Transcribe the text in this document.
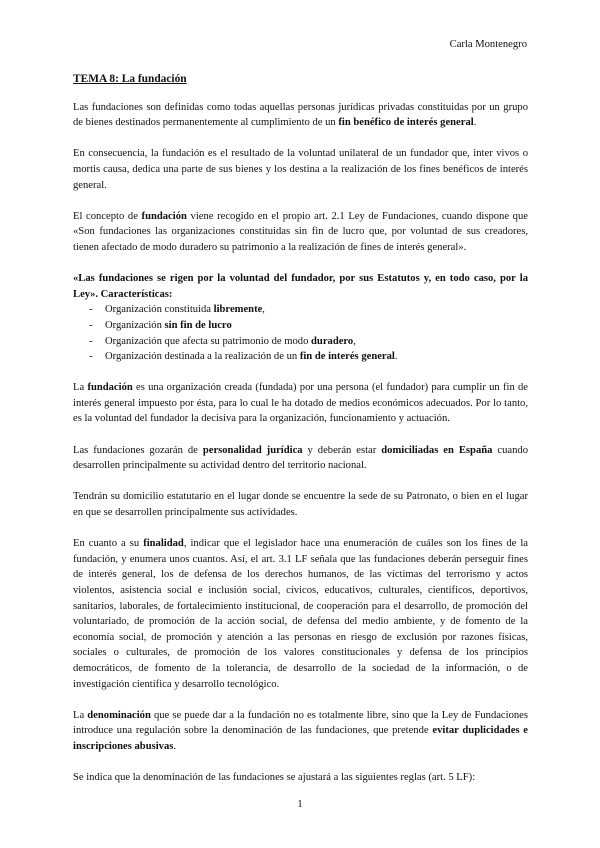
Carla Montenegro
TEMA 8: La fundación

Las fundaciones son definidas como todas aquellas personas jurídicas privadas constituidas por un grupo de bienes destinados permanentemente al cumplimiento de un fin benéfico de interés general.

En consecuencia, la fundación es el resultado de la voluntad unilateral de un fundador que, inter vivos o mortis causa, dedica una parte de sus bienes y los destina a la realización de los fines benéficos de interés general.

El concepto de fundación viene recogido en el propio art. 2.1 Ley de Fundaciones, cuando dispone que «Son fundaciones las organizaciones constituidas sin fin de lucro que, por voluntad de sus creadores, tienen afectado de modo duradero su patrimonio a la realización de fines de interés general».

«Las fundaciones se rigen por la voluntad del fundador, por sus Estatutos y, en todo caso, por la Ley». Características:
- Organización constituida libremente,
- Organización sin fin de lucro
- Organización que afecta su patrimonio de modo duradero,
- Organización destinada a la realización de un fin de interés general.

La fundación es una organización creada (fundada) por una persona (el fundador) para cumplir un fin de interés general impuesto por ésta, para lo cual le ha dotado de medios económicos adecuados. Por lo tanto, es la voluntad del fundador la decisiva para la organización, funcionamiento y actuación.

Las fundaciones gozarán de personalidad jurídica y deberán estar domiciliadas en España cuando desarrollen principalmente su actividad dentro del territorio nacional.

Tendrán su domicilio estatutario en el lugar donde se encuentre la sede de su Patronato, o bien en el lugar en que se desarrollen principalmente sus actividades.

En cuanto a su finalidad, indicar que el legislador hace una enumeración de cuáles son los fines de la fundación, y enumera unos cuantos. Así, el art. 3.1 LF señala que las fundaciones deberán perseguir fines de interés general, los de defensa de los derechos humanos, de las víctimas del terrorismo y actos violentos, asistencia social e inclusión social, cívicos, educativos, culturales, científicos, deportivos, sanitarios, laborales, de fortalecimiento institucional, de cooperación para el desarrollo, de promoción del voluntariado, de promoción de la acción social, de defensa del medio ambiente, y de fomento de la economía social, de promoción y atención a las personas en riesgo de exclusión por razones físicas, sociales o culturales, de promoción de los valores constitucionales y defensa de los principios democráticos, de fomento de la tolerancia, de desarrollo de la sociedad de la información, o de investigación científica y desarrollo tecnológico.

La denominación que se puede dar a la fundación no es totalmente libre, sino que la Ley de Fundaciones introduce una regulación sobre la denominación de las fundaciones, que pretende evitar duplicidades e inscripciones abusivas.

Se indica que la denominación de las fundaciones se ajustará a las siguientes reglas (art. 5 LF):

1
